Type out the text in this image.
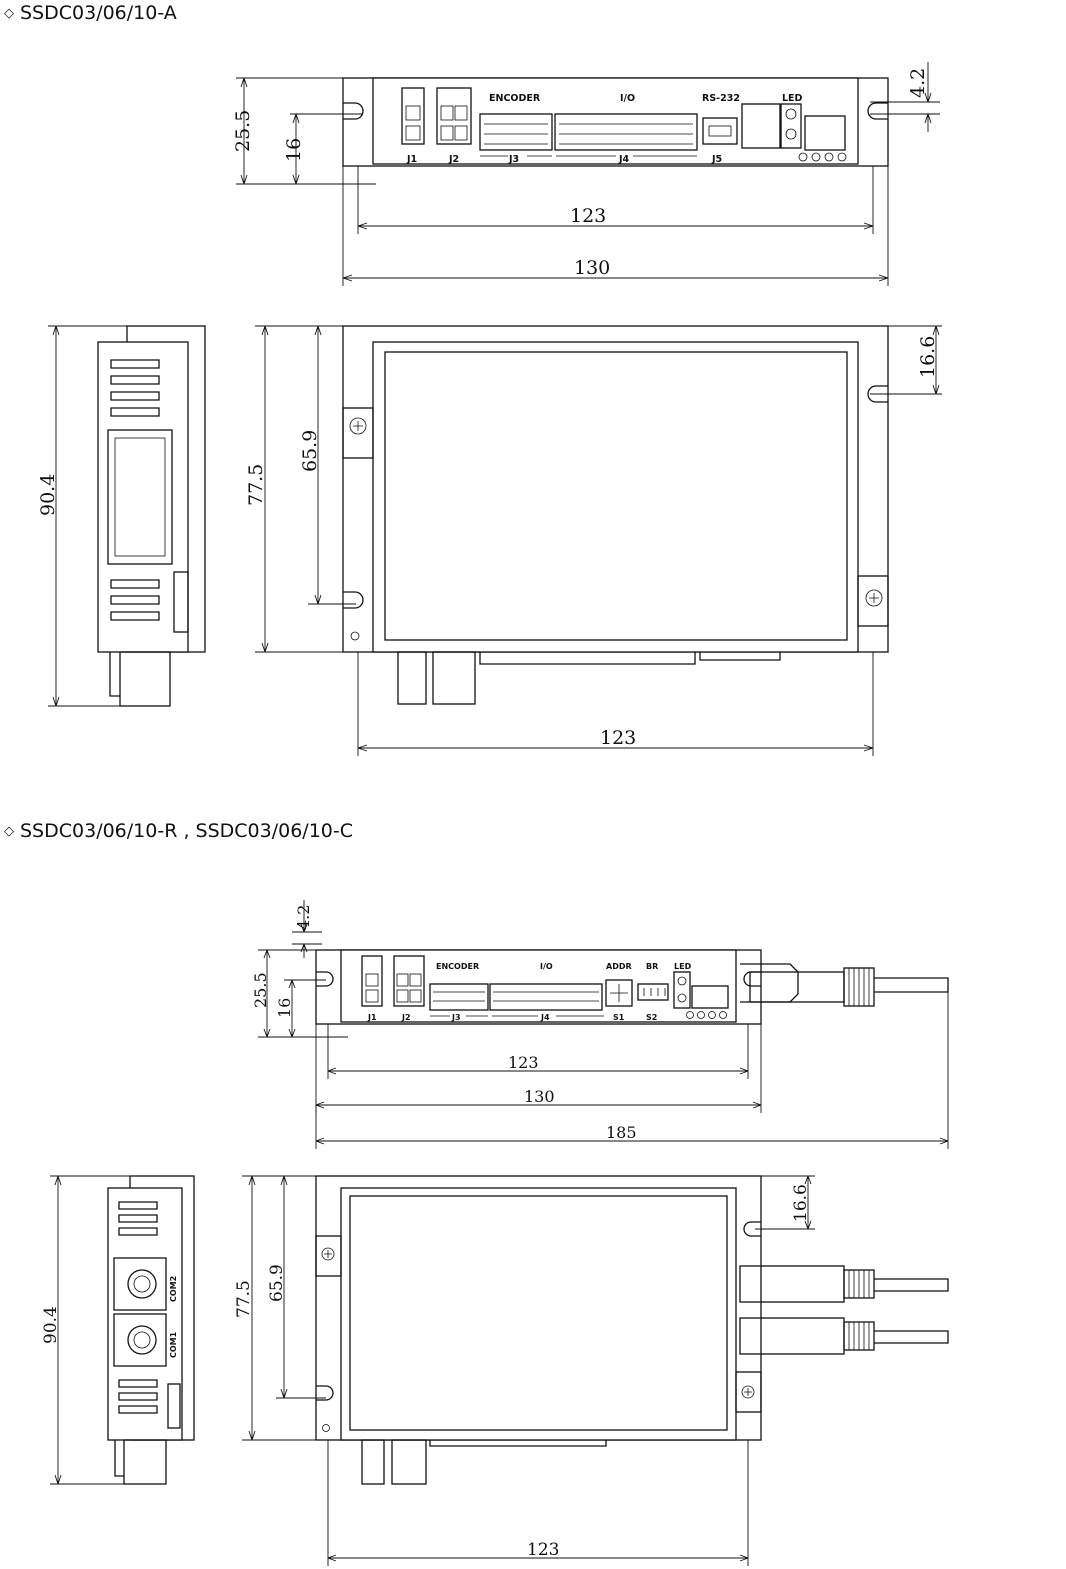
◇ SSDC03/06/10-A
◇ SSDC03/06/10-R , SSDC03/06/10-C
ENCODER	I/O	RS-232	LED
J1	J2	J3	J4	J5
25.5 16
4.2
123
130
90.4	77.5
65.9
16.6
123
ENCODER	I/O	ADDR BR LED
J1	J2	J3	J4	S1	S2
4.2
25.5 16
123
130
185
COM2
COM1
90.4
77.5 65.9
16.6
123
